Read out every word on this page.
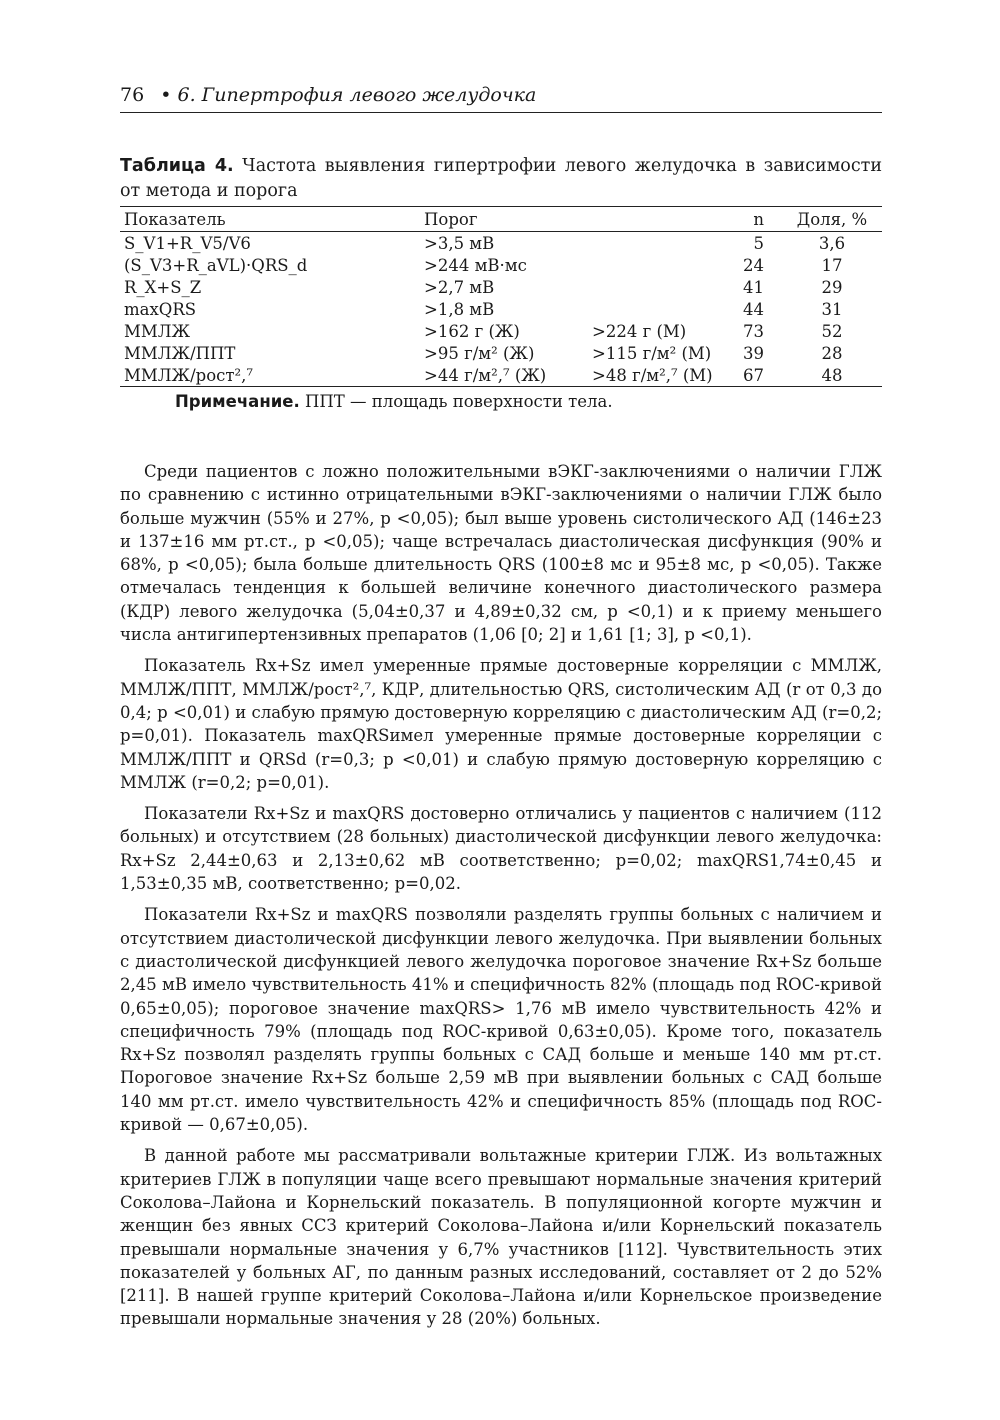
76 • 6. Гипертрофия левого желудочка
Таблица 4. Частота выявления гипертрофии левого желудочка в зависимости от метода и порога
Показатель	Порог		n	Доля, %
S_V1+R_V5/V6	>3,5 мВ		5	3,6
(S_V3+R_aVL)·QRS_d	>244 мВ·мс		24	17
R_X+S_Z	>2,7 мВ		41	29
maxQRS	>1,8 мВ		44	31
ММЛЖ	>162 г (Ж)	>224 г (М)	73	52
ММЛЖ/ППТ	>95 г/м² (Ж)	>115 г/м² (М)	39	28
ММЛЖ/рост²,⁷	>44 г/м²,⁷ (Ж)	>48 г/м²,⁷ (М)	67	48
Примечание. ППТ — площадь поверхности тела.

Среди пациентов с ложно положительными вЭКГ-заключениями о наличии ГЛЖ по сравнению с истинно отрицательными вЭКГ-заключениями о наличии ГЛЖ было больше мужчин (55% и 27%, p <0,05); был выше уровень систолического АД (146±23 и 137±16 мм рт.ст., p <0,05); чаще встречалась диастолическая дисфункция (90% и 68%, p <0,05); была больше длительность QRS (100±8 мс и 95±8 мс, p <0,05). Также отмечалась тенденция к большей величине конечного диастолического размера (КДР) левого желудочка (5,04±0,37 и 4,89±0,32 см, p <0,1) и к приему меньшего числа антигипертензивных препаратов (1,06 [0; 2] и 1,61 [1; 3], p <0,1).

Показатель Rx+Sz имел умеренные прямые достоверные корреляции с ММЛЖ, ММЛЖ/ППТ, ММЛЖ/рост²,⁷, КДР, длительностью QRS, систолическим АД (r от 0,3 до 0,4; p <0,01) и слабую прямую достоверную корреляцию с диастолическим АД (r=0,2; p=0,01). Показатель maxQRSимел умеренные прямые достоверные корреляции с ММЛЖ/ППТ и QRSd (r=0,3; p <0,01) и слабую прямую достоверную корреляцию с ММЛЖ (r=0,2; p=0,01).

Показатели Rx+Sz и maxQRS достоверно отличались у пациентов с наличием (112 больных) и отсутствием (28 больных) диастолической дисфункции левого желудочка: Rx+Sz 2,44±0,63 и 2,13±0,62 мВ соответственно; p=0,02; maxQRS1,74±0,45 и 1,53±0,35 мВ, соответственно; p=0,02.

Показатели Rx+Sz и maxQRS позволяли разделять группы больных с наличием и отсутствием диастолической дисфункции левого желудочка. При выявлении больных с диастолической дисфункцией левого желудочка пороговое значение Rx+Sz больше 2,45 мВ имело чувствительность 41% и специфичность 82% (площадь под ROC-кривой 0,65±0,05); пороговое значение maxQRS> 1,76 мВ имело чувствительность 42% и специфичность 79% (площадь под ROC-кривой 0,63±0,05). Кроме того, показатель Rx+Sz позволял разделять группы больных с САД больше и меньше 140 мм рт.ст. Пороговое значение Rx+Sz больше 2,59 мВ при выявлении больных с САД больше 140 мм рт.ст. имело чувствительность 42% и специфичность 85% (площадь под ROC-кривой — 0,67±0,05).

В данной работе мы рассматривали вольтажные критерии ГЛЖ. Из вольтажных критериев ГЛЖ в популяции чаще всего превышают нормальные значения критерий Соколова–Лайона и Корнельский показатель. В популяционной когорте мужчин и женщин без явных ССЗ критерий Соколова–Лайона и/или Корнельский показатель превышали нормальные значения у 6,7% участников [112]. Чувствительность этих показателей у больных АГ, по данным разных исследований, составляет от 2 до 52% [211]. В нашей группе критерий Соколова–Лайона и/или Корнельское произведение превышали нормальные значения у 28 (20%) больных.
